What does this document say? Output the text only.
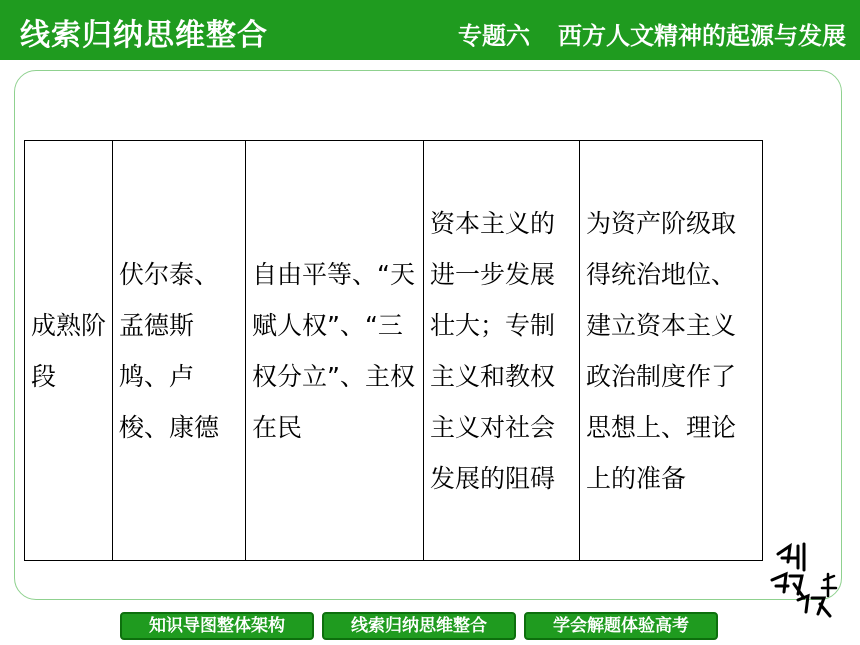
线索归纳思维整合	专题六 西方人文精神的起源与发展
成熟阶段	伏尔泰、孟德斯鸠、卢梭、康德	自由平等、“天赋人权”、“三权分立”、主权在民	资本主义的进一步发展壮大；专制主义和教权主义对社会发展的阻碍	为资产阶级取得统治地位、建立资本主义政治制度作了思想上、理论上的准备
知识导图整体架构	线索归纳思维整合	学会解题体验高考
